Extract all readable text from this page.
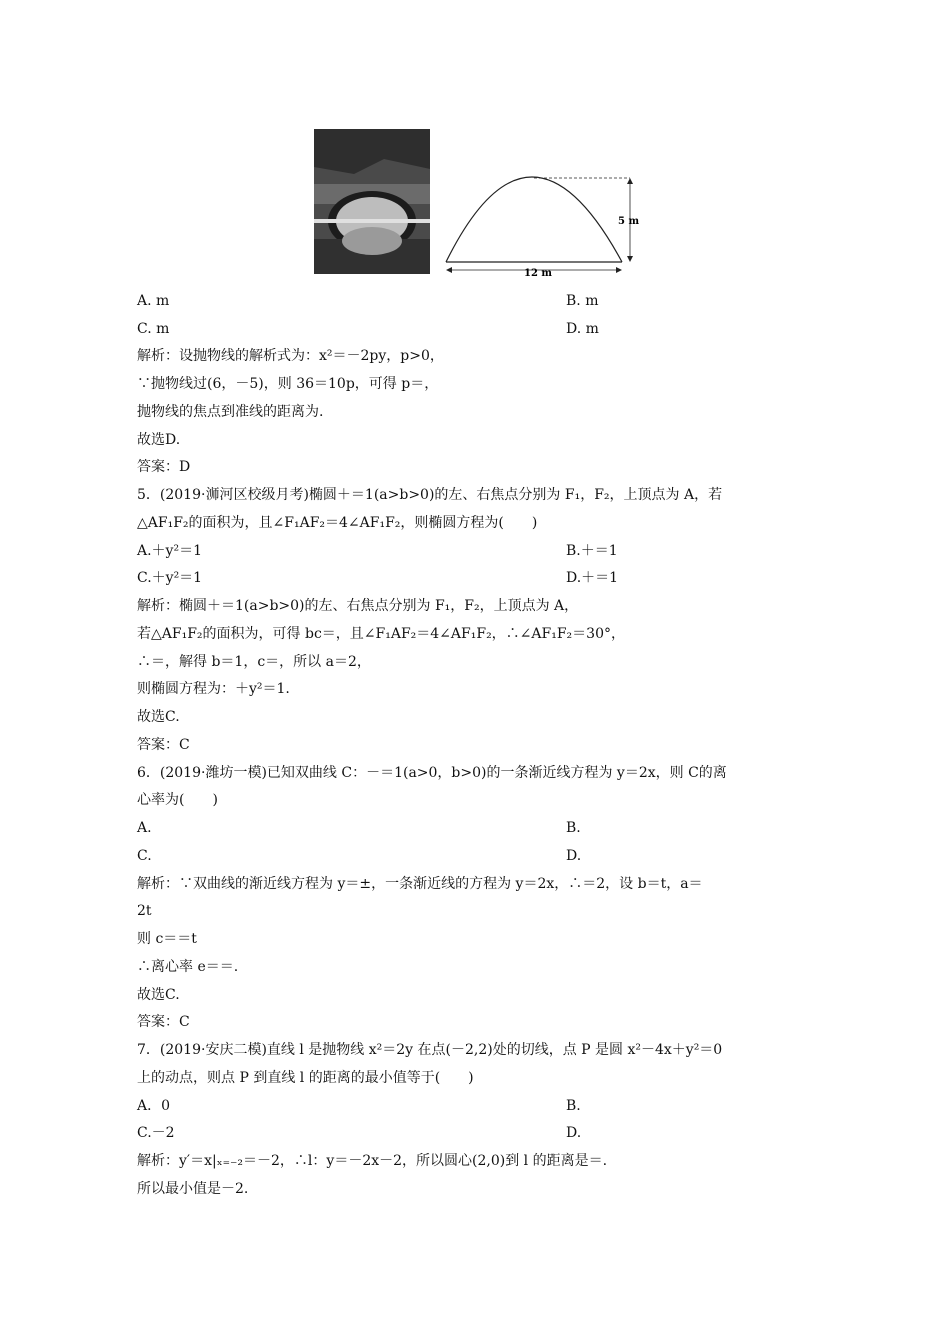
5 m
12 m
A. m	B. m
C. m	D. m
解析：设抛物线的解析式为：x²＝－2py，p>0，
∵抛物线过(6，－5)，则 36＝10p，可得 p＝，
抛物线的焦点到准线的距离为.
故选D.
答案：D
5．(2019·浉河区校级月考)椭圆＋＝1(a>b>0)的左、右焦点分别为 F₁，F₂，上顶点为 A，若
△AF₁F₂的面积为，且∠F₁AF₂＝4∠AF₁F₂，则椭圆方程为(　　)
A.＋y²＝1	B.＋＝1
C.＋y²＝1	D.＋＝1
解析：椭圆＋＝1(a>b>0)的左、右焦点分别为 F₁，F₂，上顶点为 A，
若△AF₁F₂的面积为，可得 bc＝，且∠F₁AF₂＝4∠AF₁F₂，∴∠AF₁F₂＝30°，
∴＝，解得 b＝1，c＝，所以 a＝2，
则椭圆方程为：＋y²＝1.
故选C.
答案：C
6．(2019·潍坊一模)已知双曲线 C：－＝1(a>0，b>0)的一条渐近线方程为 y＝2x，则 C的离
心率为(　　)
A.	B.
C.	D.
解析：∵双曲线的渐近线方程为 y＝±，一条渐近线的方程为 y＝2x，∴＝2，设 b＝t，a＝
2t
则 c＝＝t
∴离心率 e＝＝.
故选C.
答案：C
7．(2019·安庆二模)直线 l 是抛物线 x²＝2y 在点(－2,2)处的切线，点 P 是圆 x²－4x＋y²＝0
上的动点，则点 P 到直线 l 的距离的最小值等于(　　)
A．0	B.
C.－2	D.
解析：y′＝x|ₓ₌₋₂＝－2，∴l：y＝－2x－2，所以圆心(2,0)到 l 的距离是＝.
所以最小值是－2.
